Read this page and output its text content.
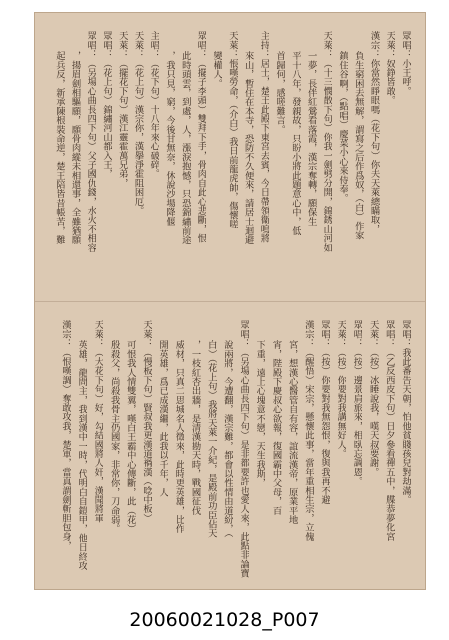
眾唱：小王呼。
天萊：奴錚皆敢。
漢宗：你當然睜眼嗎（花下句）你夫天萊總瞞取，
負生窮困去無解，謂寫之后作爲奴，（白）作家
鎮住谷啊，（點唱）慶菜小心來侍奉。
天萊：（十三憫散下句）你我一劍劈分開，錦銹山河如
一夢，長伴紅鶯看落霞，漢宗奪轉，願保生
平十八年，發親故，只盼小將此題意心中，低
首歸何，感嗟難言。
主持：居士，楚王此殿下東宮去賓，今日帶領衞嗚將
來山，暫住在本寺，恐防不久便來，請居士迴避
天萊：悵嘆勞命，（介白）我日前龍虎帥，傷懷嗟
變權人。
眾唱：（擺子李頭）雙拜下手，骨肉自此心悲斷，恨
此時頭雲，到處，人，漲淚抱憾，只恐錦繡前途
，我只見，窮，今後甘無奈，休說沙場降偃
主唱：（花下句）十八年來心破碎。
天萊：（花上句）漢宗你，漢擧淨霍阻困厄。
天萊：（擺花下句）漢江靈霍萬兄弟，
眾唱：（花上句）錦繡河山都入王，
眾唱：（另場心曲長四下句）父子國仇錢，水火不相容
，揚眉劍相驅願，願骨肉縱未相還事，全雖猶願
起兵反，新承陳根裝命逆，楚王陪皆昔帳苦，難
眾唱：我此番告天朝，怕他貧賤孩兒對劫滿。
眾唱：（乙反西皮下句）日夕參看禪五中，牒恭夢化宮
天萊：（按）冰睡說我，嘆天叔要謝。
眾唱：（按）邊景肩旅來，相臥忘調恩。
天萊：（按）你要對我講無好人。
眾唱：（按）你要對我無怨恨，復與我再不避
漢宗：（醒悟）宋宗，懸懷此事，當年重相生宗，立傀
宮，想漢心醫管自有容，誼流漢帝，原業平地
宵，陛殿下慶叔心欲報，復國霸中父母，百
下重，遠上心塊意不戀，天生我斯，
眾唱：（另場心曲長四下句）是非都要許也愛人來，此點非論寶
說兩將，今遭翻，漢宗難，都會以性情由道紛，（
白）（花上句）我將天萊一介紀，是殿前功臣佔天
，一枝紅杏出牆，是清漢勘天時，戰國征伐
威材，只真二思城名人徵來，此時更英雄，比作
開英雄，爲已成漢繼，此我以千年，人
天萊：（慢板下句）賢叔我更漢道禍漢（唸中板）
可恨我人情雙翼，嘆白王霸中心傳斷，此（花）
殷殺父，尚殺我骨主仍國家，非常你，刀命弱。
天萊：（大花下句）好，勾結國將人奸，漢聞將軍
英雄，龍問主，我到漢中一時，代明白自鎧甲，他日終攻
漢宗：（恨嘆調）奪敢攻我，楚軍，當真謂劍斬胆包身，
20060021028_P007
